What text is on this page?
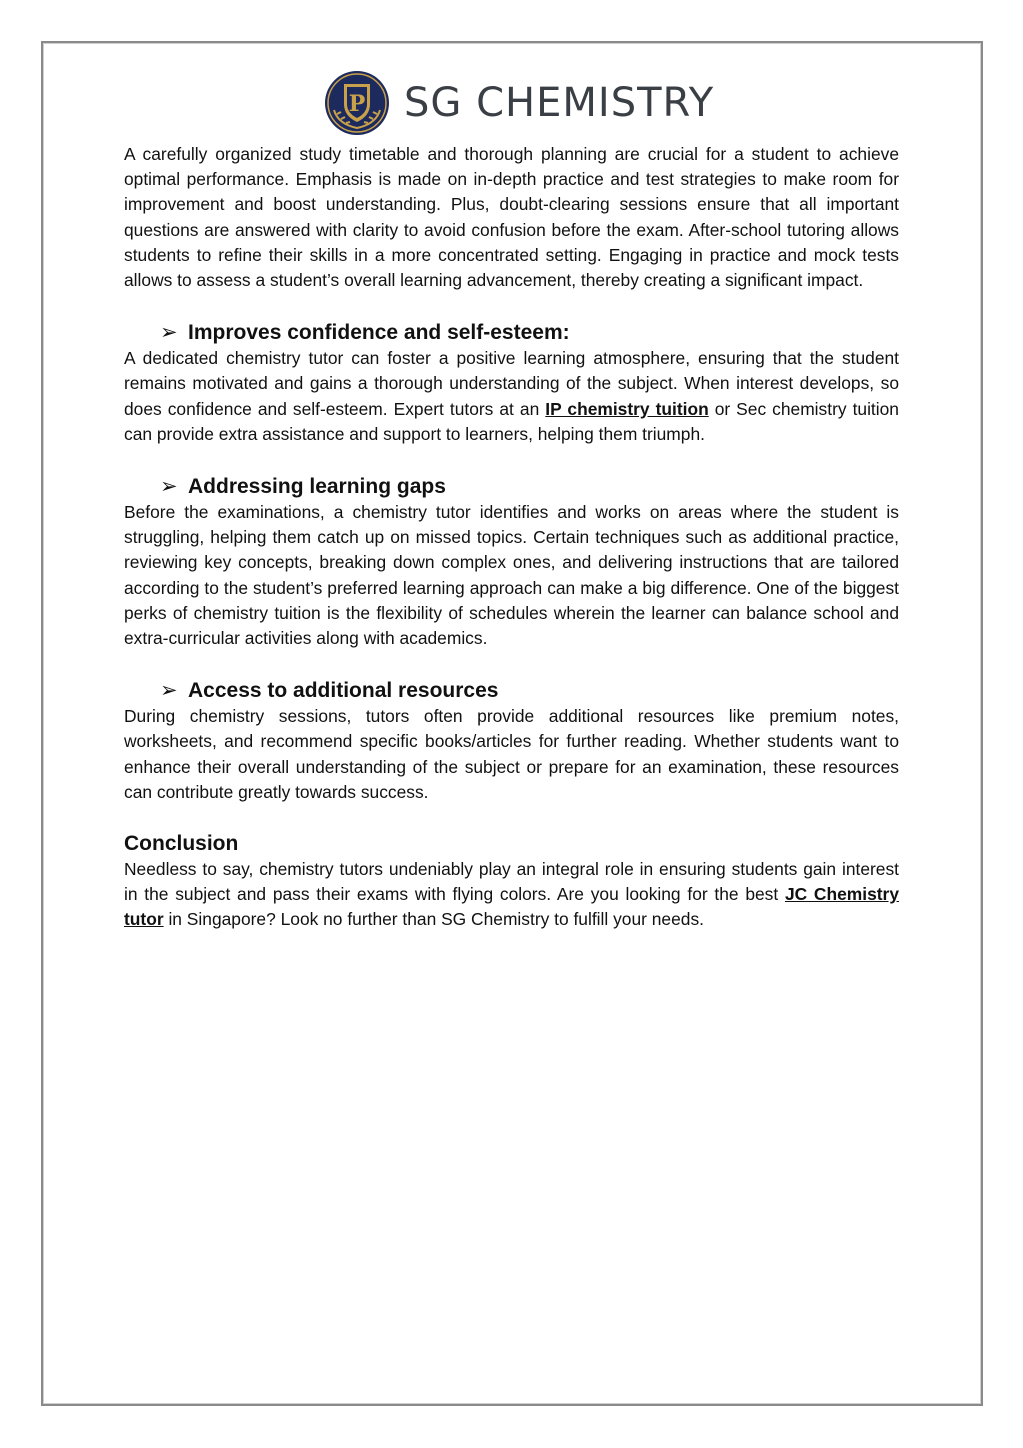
P SG CHEMISTRY

A carefully organized study timetable and thorough planning are crucial for a student to achieve optimal performance. Emphasis is made on in-depth practice and test strategies to make room for improvement and boost understanding. Plus, doubt-clearing sessions ensure that all important questions are answered with clarity to avoid confusion before the exam. After-school tutoring allows students to refine their skills in a more concentrated setting. Engaging in practice and mock tests allows to assess a student’s overall learning advancement, thereby creating a significant impact.

➢ Improves confidence and self-esteem:

A dedicated chemistry tutor can foster a positive learning atmosphere, ensuring that the student remains motivated and gains a thorough understanding of the subject. When interest develops, so does confidence and self-esteem. Expert tutors at an IP chemistry tuition or Sec chemistry tuition can provide extra assistance and support to learners, helping them triumph.

➢ Addressing learning gaps

Before the examinations, a chemistry tutor identifies and works on areas where the student is struggling, helping them catch up on missed topics. Certain techniques such as additional practice, reviewing key concepts, breaking down complex ones, and delivering instructions that are tailored according to the student’s preferred learning approach can make a big difference. One of the biggest perks of chemistry tuition is the flexibility of schedules wherein the learner can balance school and extra-curricular activities along with academics.

➢ Access to additional resources

During chemistry sessions, tutors often provide additional resources like premium notes, worksheets, and recommend specific books/articles for further reading. Whether students want to enhance their overall understanding of the subject or prepare for an examination, these resources can contribute greatly towards success.

Conclusion

Needless to say, chemistry tutors undeniably play an integral role in ensuring students gain interest in the subject and pass their exams with flying colors. Are you looking for the best JC Chemistry tutor in Singapore? Look no further than SG Chemistry to fulfill your needs.
